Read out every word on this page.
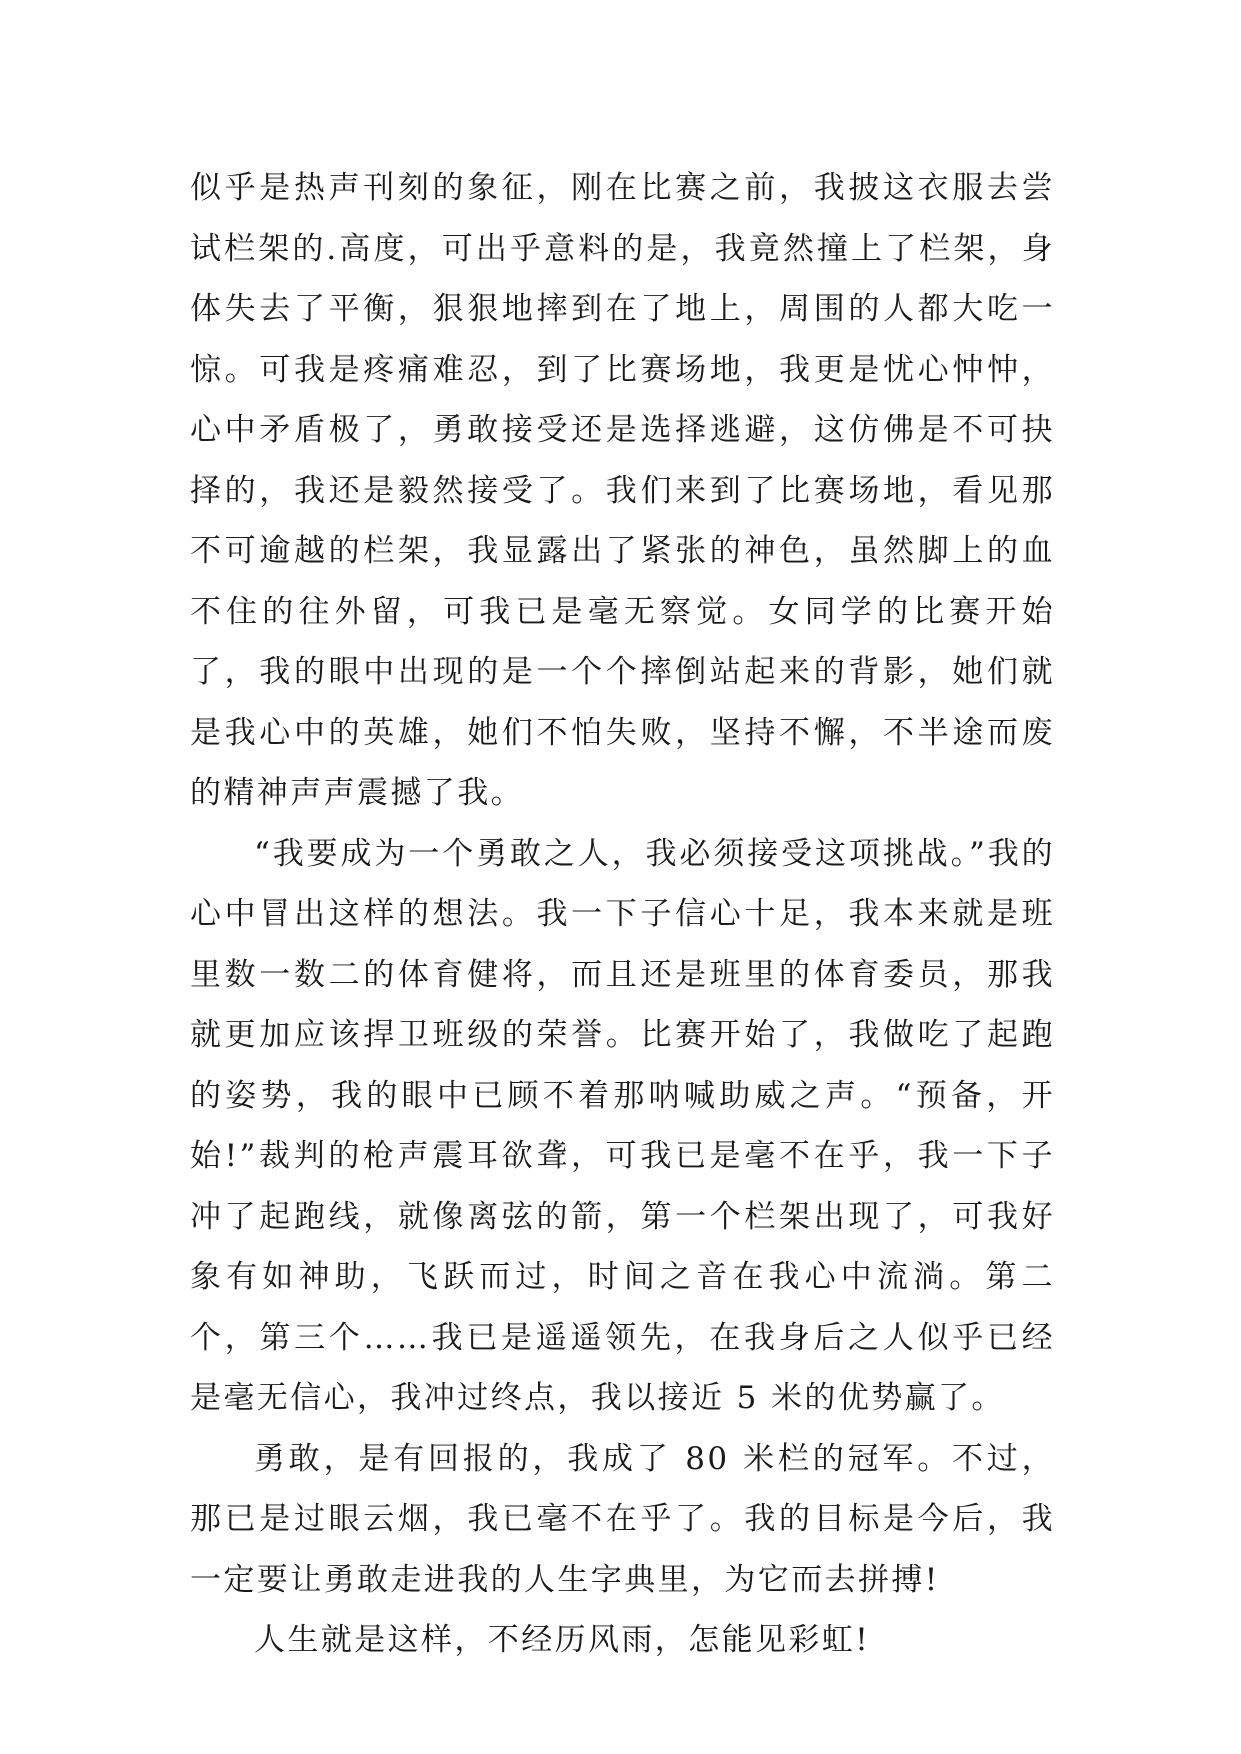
似乎是热声刊刻的象征，刚在比赛之前，我披这衣服去尝试栏架的.高度，可出乎意料的是，我竟然撞上了栏架，身体失去了平衡，狠狠地摔到在了地上，周围的人都大吃一惊。可我是疼痛难忍，到了比赛场地，我更是忧心忡忡，心中矛盾极了，勇敢接受还是选择逃避，这仿佛是不可抉择的，我还是毅然接受了。我们来到了比赛场地，看见那不可逾越的栏架，我显露出了紧张的神色，虽然脚上的血不住的往外留，可我已是毫无察觉。女同学的比赛开始了，我的眼中出现的是一个个摔倒站起来的背影，她们就是我心中的英雄，她们不怕失败，坚持不懈，不半途而废的精神声声震撼了我。

“我要成为一个勇敢之人，我必须接受这项挑战。”我的心中冒出这样的想法。我一下子信心十足，我本来就是班里数一数二的体育健将，而且还是班里的体育委员，那我就更加应该捍卫班级的荣誉。比赛开始了，我做吃了起跑的姿势，我的眼中已顾不着那呐喊助威之声。“预备，开始!”裁判的枪声震耳欲聋，可我已是毫不在乎，我一下子冲了起跑线，就像离弦的箭，第一个栏架出现了，可我好象有如神助，飞跃而过，时间之音在我心中流淌。第二个，第三个……我已是遥遥领先，在我身后之人似乎已经是毫无信心，我冲过终点，我以接近 5 米的优势赢了。

勇敢，是有回报的，我成了 80 米栏的冠军。不过，那已是过眼云烟，我已毫不在乎了。我的目标是今后，我一定要让勇敢走进我的人生字典里，为它而去拼搏!

人生就是这样，不经历风雨，怎能见彩虹!
